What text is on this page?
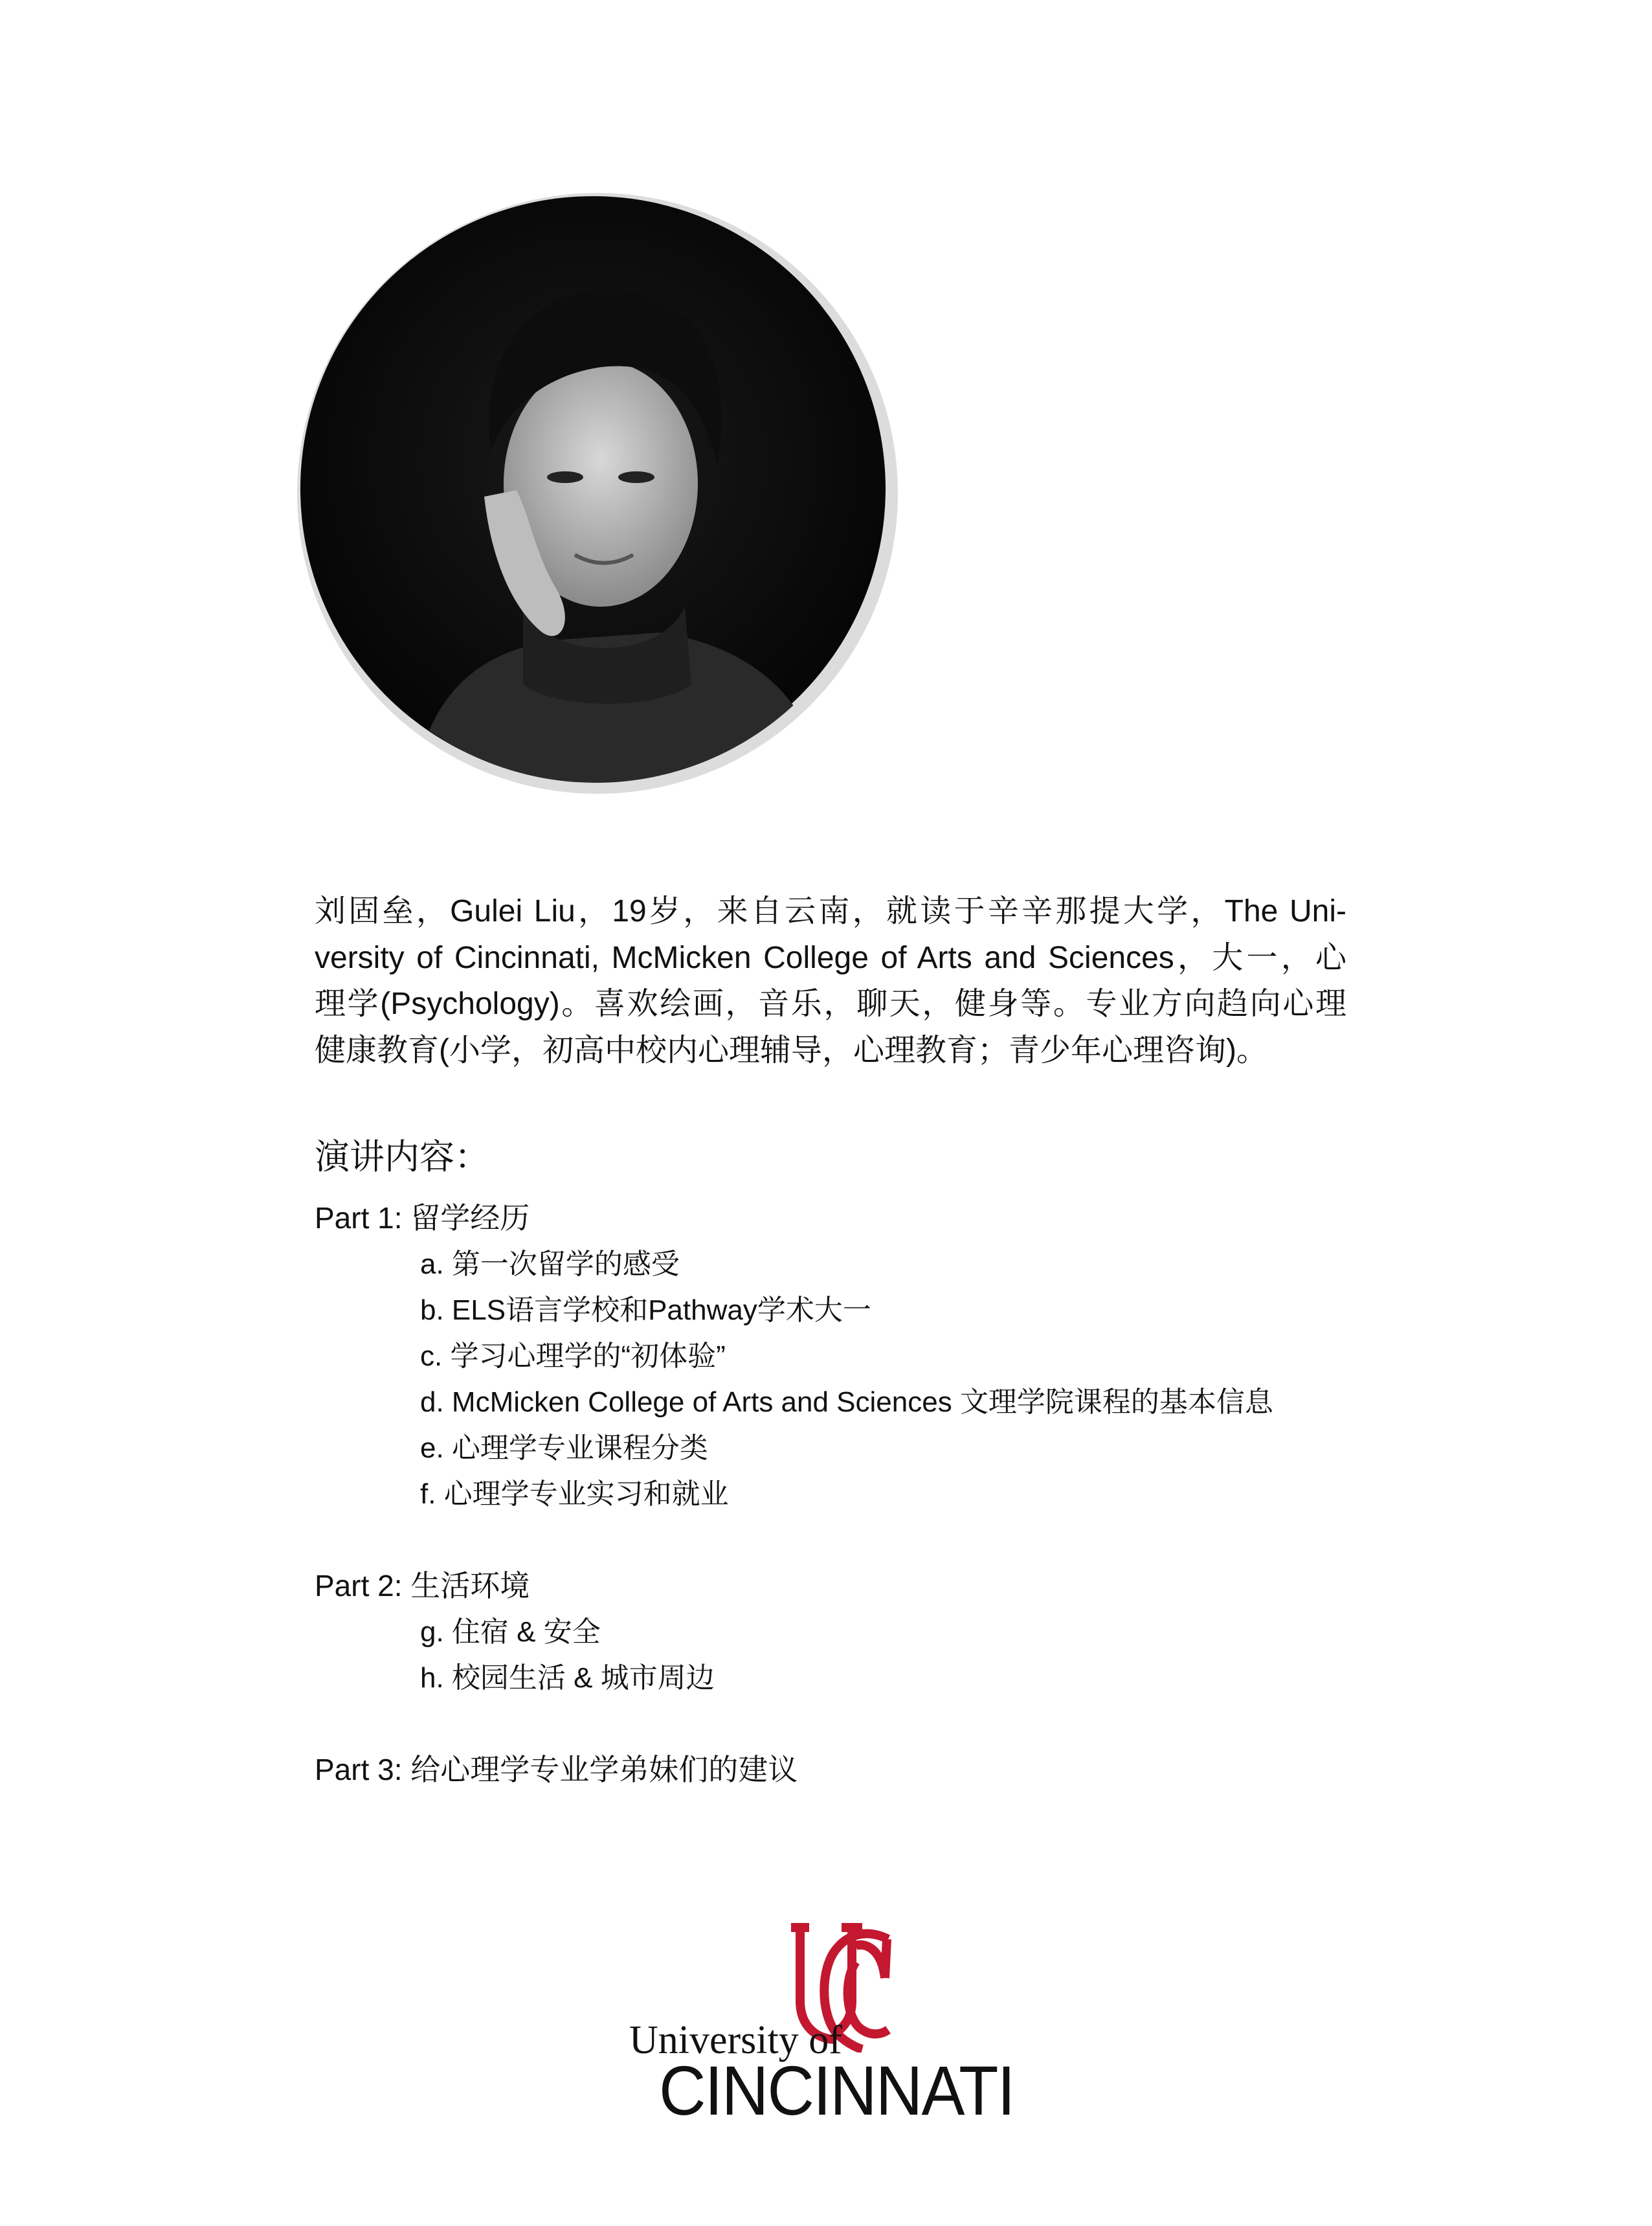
刘固垒，Gulei Liu，19岁，来自云南，就读于辛辛那提大学，The Uni-
versity of Cincinnati, McMicken College of Arts and Sciences，大一，心
理学(Psychology)。喜欢绘画，音乐，聊天，健身等。专业方向趋向心理
健康教育(小学，初高中校内心理辅导，心理教育；青少年心理咨询)。
演讲内容：
Part 1: 留学经历
a. 第一次留学的感受
b. ELS语言学校和Pathway学术大一
c. 学习心理学的“初体验”
d. McMicken College of Arts and Sciences 文理学院课程的基本信息
e. 心理学专业课程分类
f. 心理学专业实习和就业
Part 2: 生活环境
g. 住宿 & 安全
h. 校园生活 & 城市周边
Part 3: 给心理学专业学弟妹们的建议
University of
CINCINNATI
